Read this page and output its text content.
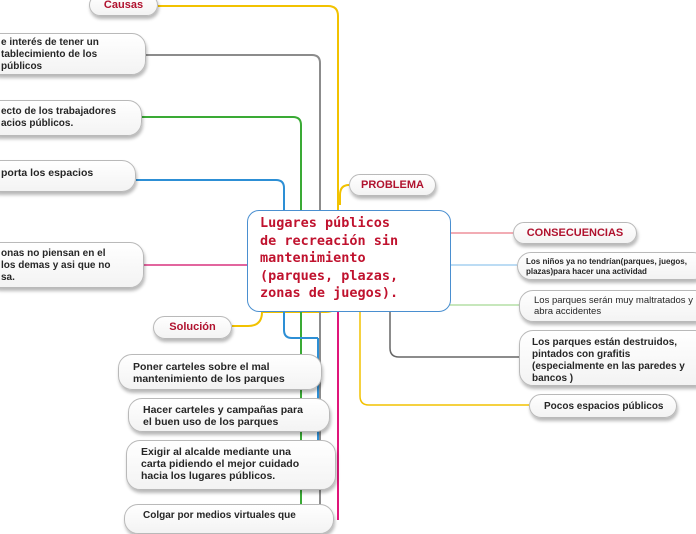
Lugares públicos
de recreación sin
mantenimiento
(parques, plazas,
zonas de juegos).
Causas
e interés de tener un
tablecimiento de los
públicos
ecto de los trabajadores
acios públicos.
porta los espacios
onas no piensan en el
los demas y asi que no
sa.
Solución
Poner carteles sobre el mal
mantenimiento de los parques
Hacer carteles y campañas para
el buen uso de los parques
Exigir al alcalde mediante una
carta pidiendo el mejor cuidado
hacia los lugares públicos.
Colgar por medios virtuales que
PROBLEMA
CONSECUENCIAS
Los niños ya no tendrían(parques, juegos,
plazas)para hacer una actividad
Los parques serán muy maltratados y
abra accidentes
Los parques están destruidos,
pintados con grafitis
(especialmente en las paredes y
bancos )
Pocos espacios públicos
